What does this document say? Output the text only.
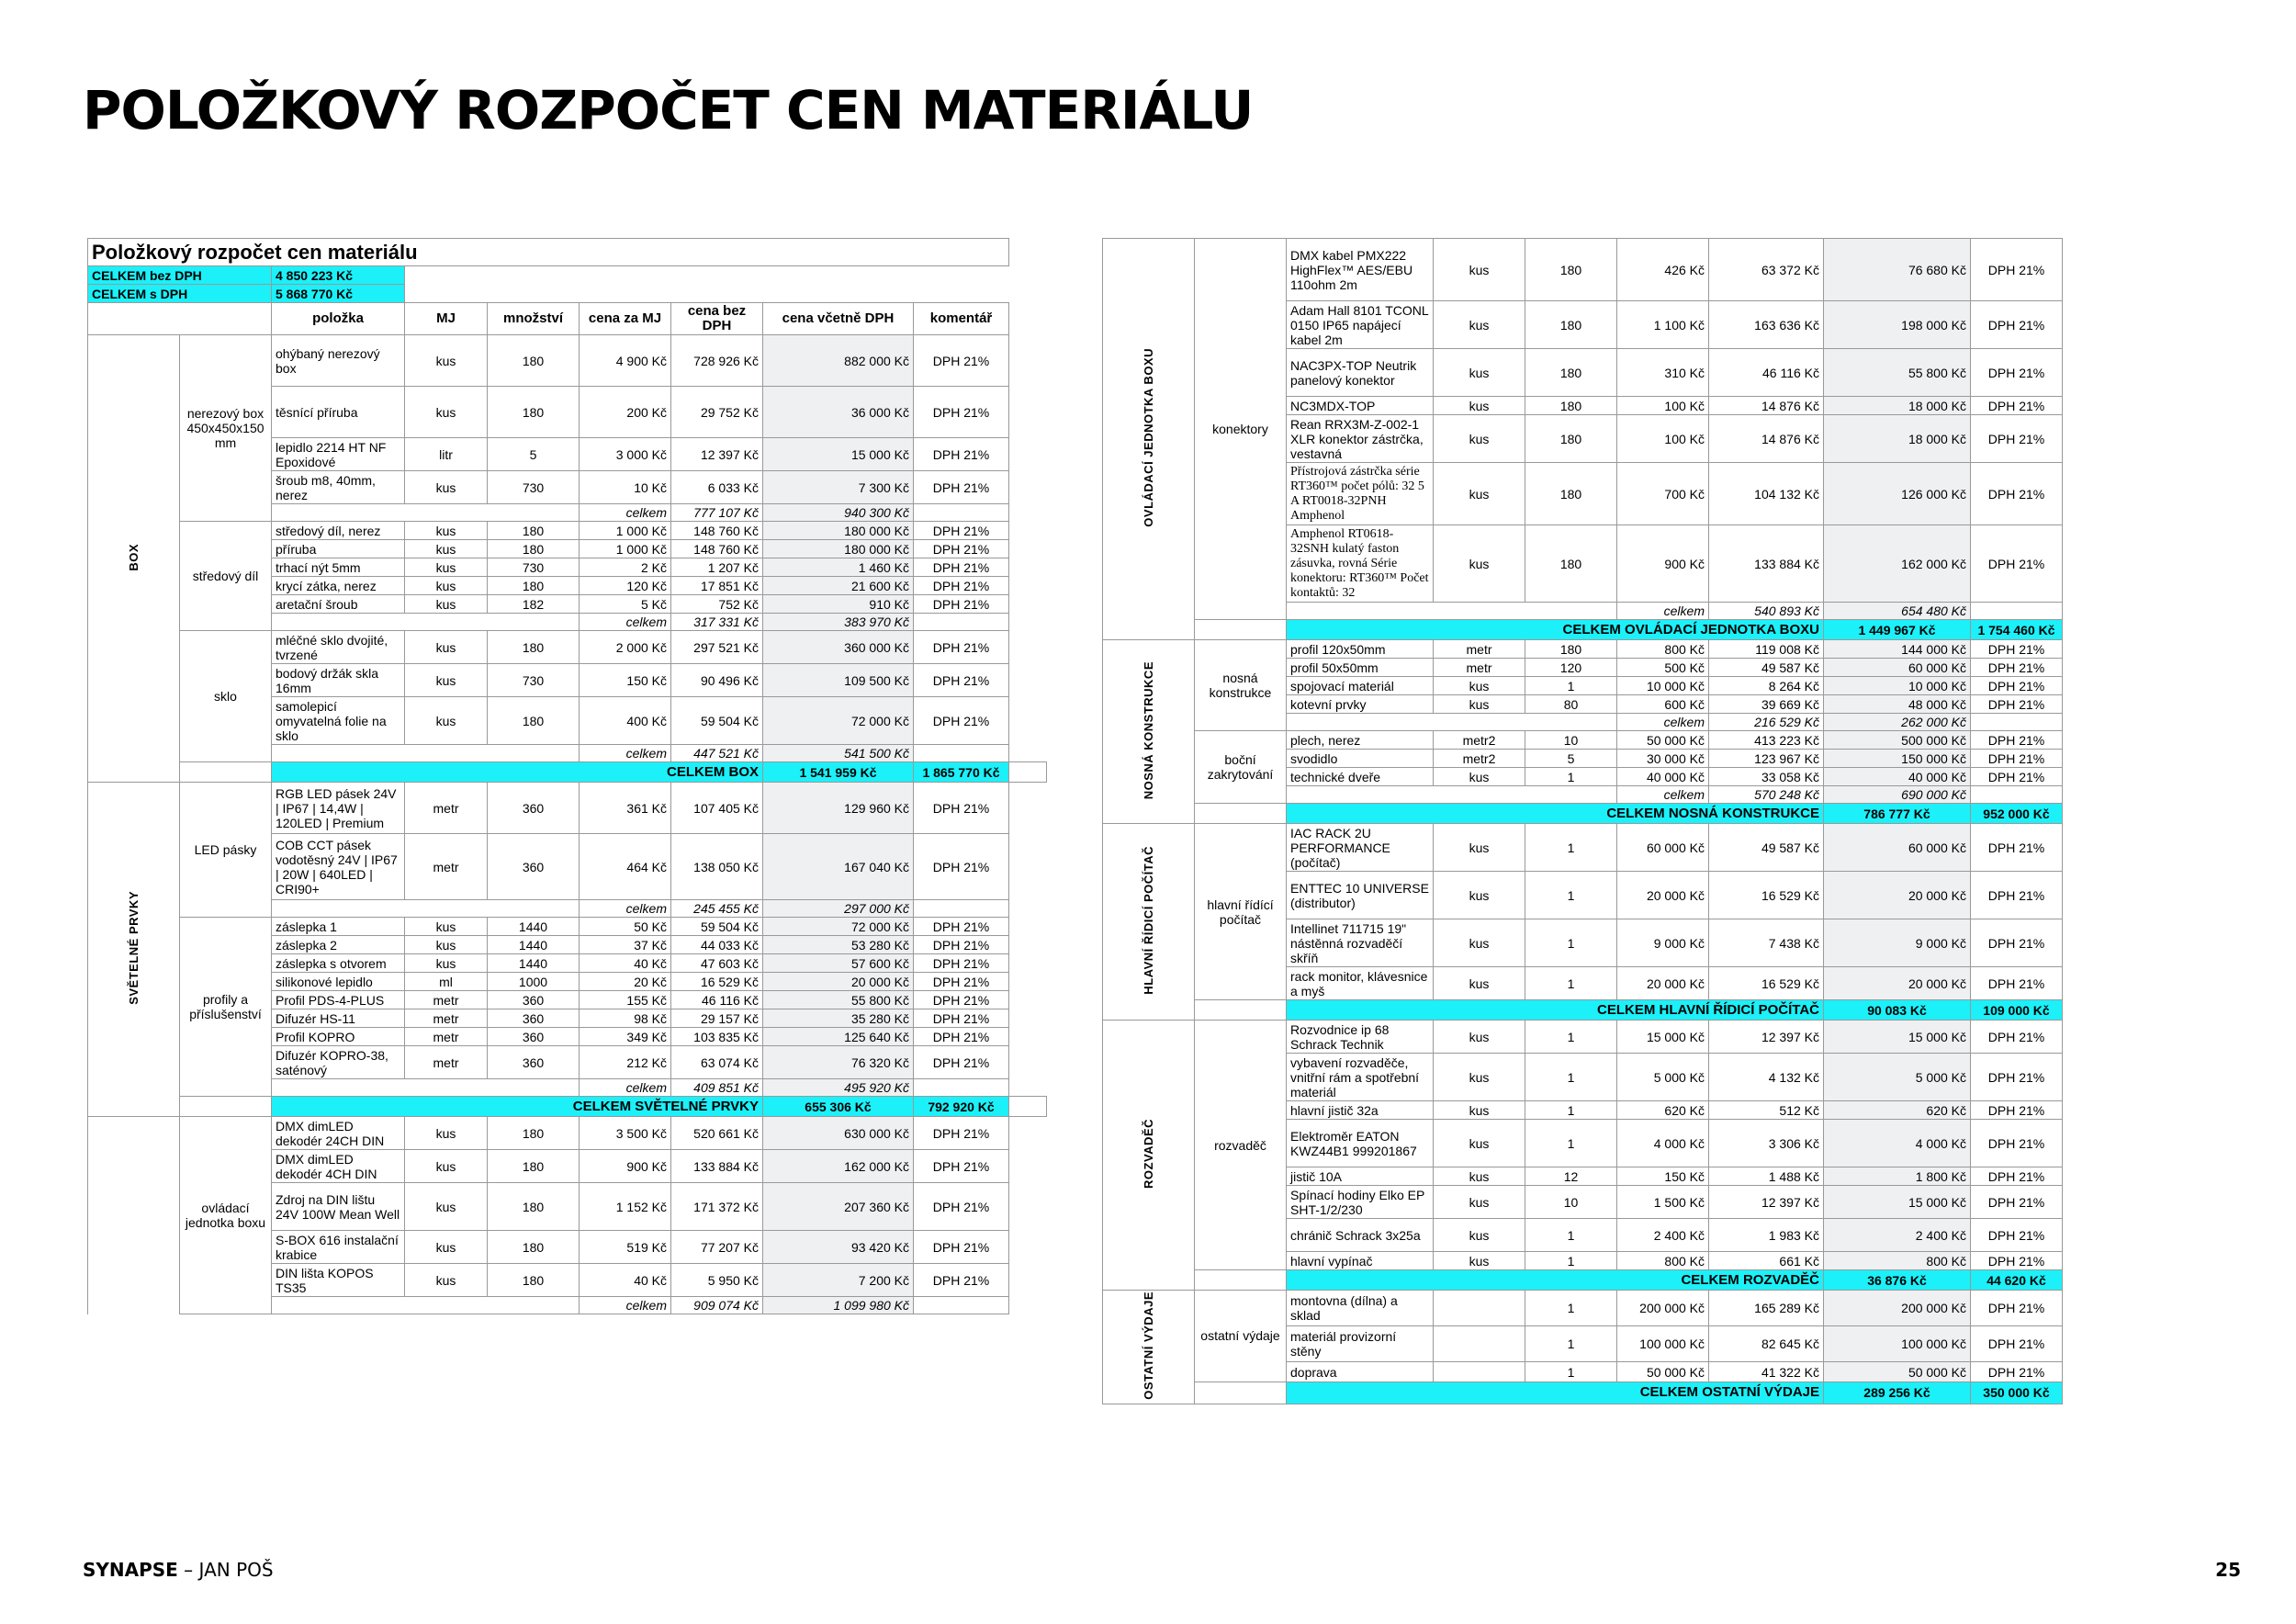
POLOŽKOVÝ ROZPOČET CEN MATERIÁLU
Položkový rozpočet cen materiálu									
CELKEM bez DPH		4 850 223 Kč							
CELKEM s DPH		5 868 770 Kč							
		položka	MJ	množství	cena za MJ	cena bez DPH	cena včetně DPH	komentář	
BOX	nerezový box 450x450x150 mm	ohýbaný nerezový box	kus	180	4 900 Kč	728 926 Kč	882 000 Kč	DPH 21%	
		těsnící příruba	kus	180	200 Kč	29 752 Kč	36 000 Kč	DPH 21%	
		lepidlo 2214 HT NF Epoxidové	litr	5	3 000 Kč	12 397 Kč	15 000 Kč	DPH 21%	
		šroub m8, 40mm, nerez	kus	730	10 Kč	6 033 Kč	7 300 Kč	DPH 21%	
					celkem	777 107 Kč	940 300 Kč		
	středový díl	středový díl, nerez	kus	180	1 000 Kč	148 760 Kč	180 000 Kč	DPH 21%	
		příruba	kus	180	1 000 Kč	148 760 Kč	180 000 Kč	DPH 21%	
		trhací nýt 5mm	kus	730	2 Kč	1 207 Kč	1 460 Kč	DPH 21%	
		krycí zátka, nerez	kus	180	120 Kč	17 851 Kč	21 600 Kč	DPH 21%	
		aretační šroub	kus	182	5 Kč	752 Kč	910 Kč	DPH 21%	
					celkem	317 331 Kč	383 970 Kč		
	sklo	mléčné sklo dvojité, tvrzené	kus	180	2 000 Kč	297 521 Kč	360 000 Kč	DPH 21%	
		bodový držák skla 16mm	kus	730	150 Kč	90 496 Kč	109 500 Kč	DPH 21%	
		samolepicí omyvatelná folie na sklo	kus	180	400 Kč	59 504 Kč	72 000 Kč	DPH 21%	
					celkem	447 521 Kč	541 500 Kč		
		CELKEM BOX					1 541 959 Kč	1 865 770 Kč	
SVĚTELNÉ PRVKY	LED pásky	RGB LED pásek 24V | IP67 | 14,4W | 120LED | Premium	metr	360	361 Kč	107 405 Kč	129 960 Kč	DPH 21%	
		COB CCT pásek vodotěsný 24V | IP67 | 20W | 640LED | CRI90+	metr	360	464 Kč	138 050 Kč	167 040 Kč	DPH 21%	
					celkem	245 455 Kč	297 000 Kč		
	profily a příslušenství	záslepka 1	kus	1440	50 Kč	59 504 Kč	72 000 Kč	DPH 21%	
		záslepka 2	kus	1440	37 Kč	44 033 Kč	53 280 Kč	DPH 21%	
		záslepka s otvorem	kus	1440	40 Kč	47 603 Kč	57 600 Kč	DPH 21%	
		silikonové lepidlo	ml	1000	20 Kč	16 529 Kč	20 000 Kč	DPH 21%	
		Profil PDS-4-PLUS	metr	360	155 Kč	46 116 Kč	55 800 Kč	DPH 21%	
		Difuzér HS-11	metr	360	98 Kč	29 157 Kč	35 280 Kč	DPH 21%	
		Profil KOPRO	metr	360	349 Kč	103 835 Kč	125 640 Kč	DPH 21%	
		Difuzér KOPRO-38, saténový	metr	360	212 Kč	63 074 Kč	76 320 Kč	DPH 21%	
					celkem	409 851 Kč	495 920 Kč		
		CELKEM SVĚTELNÉ PRVKY					655 306 Kč	792 920 Kč	
	ovládací jednotka boxu	DMX dimLED dekodér 24CH DIN	kus	180	3 500 Kč	520 661 Kč	630 000 Kč	DPH 21%	
		DMX dimLED dekodér 4CH DIN	kus	180	900 Kč	133 884 Kč	162 000 Kč	DPH 21%	
		Zdroj na DIN lištu 24V 100W Mean Well	kus	180	1 152 Kč	171 372 Kč	207 360 Kč	DPH 21%	
		S-BOX 616 instalační krabice	kus	180	519 Kč	77 207 Kč	93 420 Kč	DPH 21%	
		DIN lišta KOPOS TS35	kus	180	40 Kč	5 950 Kč	7 200 Kč	DPH 21%	
					celkem	909 074 Kč	1 099 980 Kč		
OVLÁDACÍ JEDNOTKA BOXU	konektory	DMX kabel PMX222 HighFlex™ AES/EBU 110ohm 2m	kus	180	426 Kč	63 372 Kč	76 680 Kč	DPH 21%	
		Adam Hall 8101 TCONL 0150 IP65 napájecí kabel 2m	kus	180	1 100 Kč	163 636 Kč	198 000 Kč	DPH 21%	
		NAC3PX-TOP Neutrik panelový konektor	kus	180	310 Kč	46 116 Kč	55 800 Kč	DPH 21%	
		NC3MDX-TOP	kus	180	100 Kč	14 876 Kč	18 000 Kč	DPH 21%	
		Rean RRX3M-Z-002-1 XLR konektor zástrčka, vestavná	kus	180	100 Kč	14 876 Kč	18 000 Kč	DPH 21%	
		Přístrojová zástrčka série RT360™ počet pólů: 32 5 A RT0018-32PNH Amphenol	kus	180	700 Kč	104 132 Kč	126 000 Kč	DPH 21%	
		Amphenol RT0618-32SNH kulatý faston zásuvka, rovná Série konektoru: RT360™ Počet kontaktů: 32	kus	180	900 Kč	133 884 Kč	162 000 Kč	DPH 21%	
					celkem	540 893 Kč	654 480 Kč		
		CELKEM OVLÁDACÍ JEDNOTKA BOXU					1 449 967 Kč	1 754 460 Kč	
NOSNÁ KONSTRUKCE	nosná konstrukce	profil 120x50mm	metr	180	800 Kč	119 008 Kč	144 000 Kč	DPH 21%	
		profil 50x50mm	metr	120	500 Kč	49 587 Kč	60 000 Kč	DPH 21%	
		spojovací materiál	kus	1	10 000 Kč	8 264 Kč	10 000 Kč	DPH 21%	
		kotevní prvky	kus	80	600 Kč	39 669 Kč	48 000 Kč	DPH 21%	
					celkem	216 529 Kč	262 000 Kč		
	boční zakrytování	plech, nerez	metr2	10	50 000 Kč	413 223 Kč	500 000 Kč	DPH 21%	
		svodidlo	metr2	5	30 000 Kč	123 967 Kč	150 000 Kč	DPH 21%	
		technické dveře	kus	1	40 000 Kč	33 058 Kč	40 000 Kč	DPH 21%	
					celkem	570 248 Kč	690 000 Kč		
		CELKEM NOSNÁ KONSTRUKCE					786 777 Kč	952 000 Kč	
HLAVNÍ ŘÍDICÍ POČÍTAČ	hlavní řídící počítač	IAC RACK 2U PERFORMANCE (počítač)	kus	1	60 000 Kč	49 587 Kč	60 000 Kč	DPH 21%	
		ENTTEC 10 UNIVERSE (distributor)	kus	1	20 000 Kč	16 529 Kč	20 000 Kč	DPH 21%	
		Intellinet 711715 19" nástěnná rozvaděčí skříň	kus	1	9 000 Kč	7 438 Kč	9 000 Kč	DPH 21%	
		rack monitor, klávesnice a myš	kus	1	20 000 Kč	16 529 Kč	20 000 Kč	DPH 21%	
		CELKEM HLAVNÍ ŘÍDICÍ POČÍTAČ					90 083 Kč	109 000 Kč	
ROZVADĚČ	rozvaděč	Rozvodnice ip 68 Schrack Technik	kus	1	15 000 Kč	12 397 Kč	15 000 Kč	DPH 21%	
		vybavení rozvaděče, vnitřní rám a spotřební materiál	kus	1	5 000 Kč	4 132 Kč	5 000 Kč	DPH 21%	
		hlavní jistič 32a	kus	1	620 Kč	512 Kč	620 Kč	DPH 21%	
		Elektroměr EATON KWZ44B1 999201867	kus	1	4 000 Kč	3 306 Kč	4 000 Kč	DPH 21%	
		jistič 10A	kus	12	150 Kč	1 488 Kč	1 800 Kč	DPH 21%	
		Spínací hodiny Elko EP SHT-1/2/230	kus	10	1 500 Kč	12 397 Kč	15 000 Kč	DPH 21%	
		chránič Schrack 3x25a	kus	1	2 400 Kč	1 983 Kč	2 400 Kč	DPH 21%	
		hlavní vypínač	kus	1	800 Kč	661 Kč	800 Kč	DPH 21%	
		CELKEM ROZVADĚČ					36 876 Kč	44 620 Kč	
OSTATNÍ VÝDAJE	ostatní výdaje	montovna (dílna) a sklad		1	200 000 Kč	165 289 Kč	200 000 Kč	DPH 21%	
		materiál provizorní stěny		1	100 000 Kč	82 645 Kč	100 000 Kč	DPH 21%	
		doprava		1	50 000 Kč	41 322 Kč	50 000 Kč	DPH 21%	
		CELKEM OSTATNÍ VÝDAJE					289 256 Kč	350 000 Kč	
SYNAPSE – JAN POŠ	25
